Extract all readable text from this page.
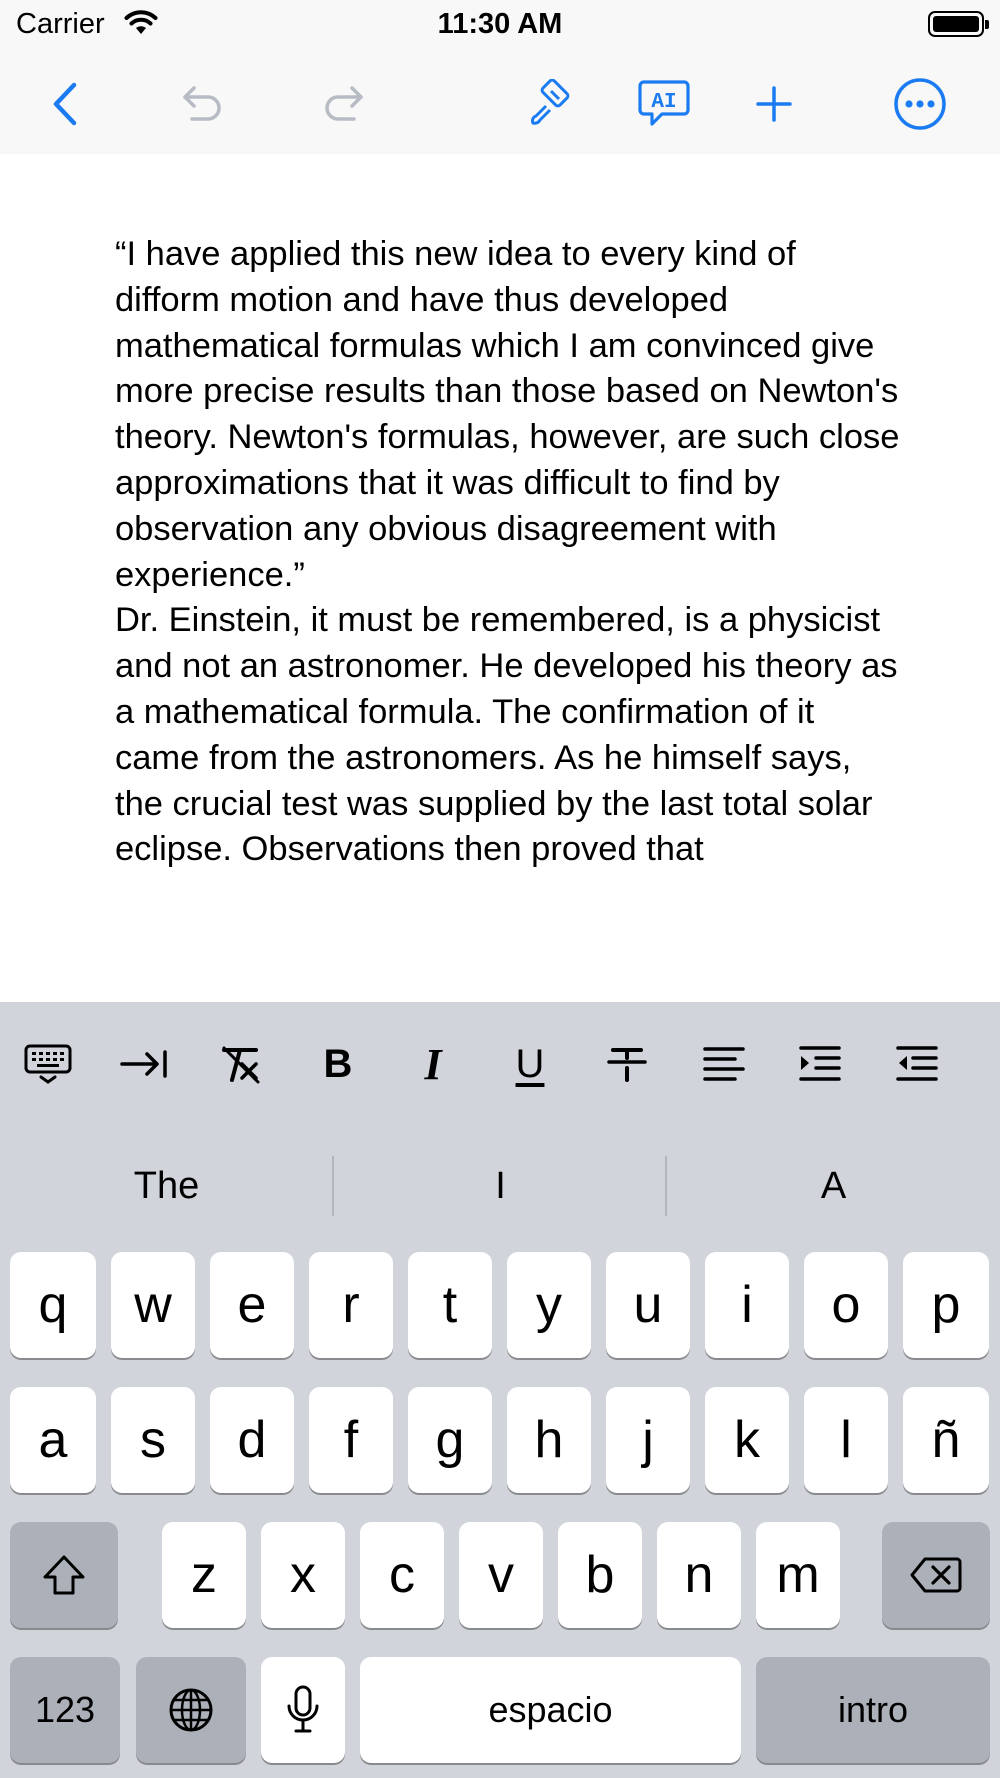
Carrier	11:30 AM
AI

“I have applied this new idea to every kind of difform motion and have thus developed mathematical formulas which I am convinced give more precise results than those based on Newton's theory. Newton's formulas, however, are such close approximations that it was difficult to find by observation any obvious disagreement with experience.”

Dr. Einstein, it must be remembered, is a physicist and not an astronomer. He developed his theory as a mathematical formula. The confirmation of it came from the astronomers. As he himself says, the crucial test was supplied by the last total solar eclipse. Observations then proved that

B	I	U
The	I	A
q	w	e	r	t	y	u	i	o	p
a	s	d	f	g	h	j	k	l	ñ
z	x	c	v	b	n	m
123	espacio	intro
